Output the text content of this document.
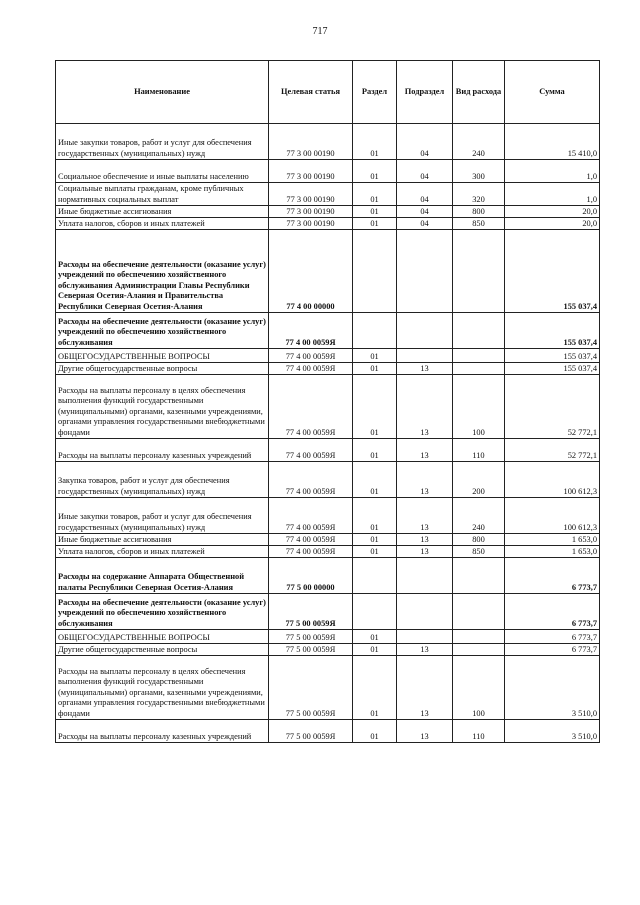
717
Наименование	Целевая статья	Раздел	Подраздел	Вид расхода	Сумма
Иные закупки товаров, работ и услуг для обеспечения государственных (муниципальных) нужд	77 3 00 00190	01	04	240	15 410,0
Социальное обеспечение и иные выплаты населению	77 3 00 00190	01	04	300	1,0
Социальные выплаты гражданам, кроме публичных нормативных социальных выплат	77 3 00 00190	01	04	320	1,0
Иные бюджетные ассигнования	77 3 00 00190	01	04	800	20,0
Уплата налогов, сборов и иных платежей	77 3 00 00190	01	04	850	20,0
Расходы на обеспечение деятельности (оказание услуг) учреждений по обеспечению хозяйственного обслуживания Администрации Главы Республики Северная Осетия-Алания и Правительства Республики Северная Осетия-Алания	77 4 00 00000				155 037,4
Расходы на обеспечение деятельности (оказание услуг) учреждений по обеспечению хозяйственного обслуживания	77 4 00 0059Я				155 037,4
ОБЩЕГОСУДАРСТВЕННЫЕ ВОПРОСЫ	77 4 00 0059Я	01			155 037,4
Другие общегосударственные вопросы	77 4 00 0059Я	01	13		155 037,4
Расходы на выплаты персоналу в целях обеспечения выполнения функций государственными (муниципальными) органами, казенными учреждениями, органами управления государственными внебюджетными фондами	77 4 00 0059Я	01	13	100	52 772,1
Расходы на выплаты персоналу казенных учреждений	77 4 00 0059Я	01	13	110	52 772,1
Закупка товаров, работ и услуг для обеспечения государственных (муниципальных) нужд	77 4 00 0059Я	01	13	200	100 612,3
Иные закупки товаров, работ и услуг для обеспечения государственных (муниципальных) нужд	77 4 00 0059Я	01	13	240	100 612,3
Иные бюджетные ассигнования	77 4 00 0059Я	01	13	800	1 653,0
Уплата налогов, сборов и иных платежей	77 4 00 0059Я	01	13	850	1 653,0
Расходы на содержание Аппарата Общественной палаты Республики Северная Осетия-Алания	77 5 00 00000				6 773,7
Расходы на обеспечение деятельности (оказание услуг) учреждений по обеспечению хозяйственного обслуживания	77 5 00 0059Я				6 773,7
ОБЩЕГОСУДАРСТВЕННЫЕ ВОПРОСЫ	77 5 00 0059Я	01			6 773,7
Другие общегосударственные вопросы	77 5 00 0059Я	01	13		6 773,7
Расходы на выплаты персоналу в целях обеспечения выполнения функций государственными (муниципальными) органами, казенными учреждениями, органами управления государственными внебюджетными фондами	77 5 00 0059Я	01	13	100	3 510,0
Расходы на выплаты персоналу казенных учреждений	77 5 00 0059Я	01	13	110	3 510,0
